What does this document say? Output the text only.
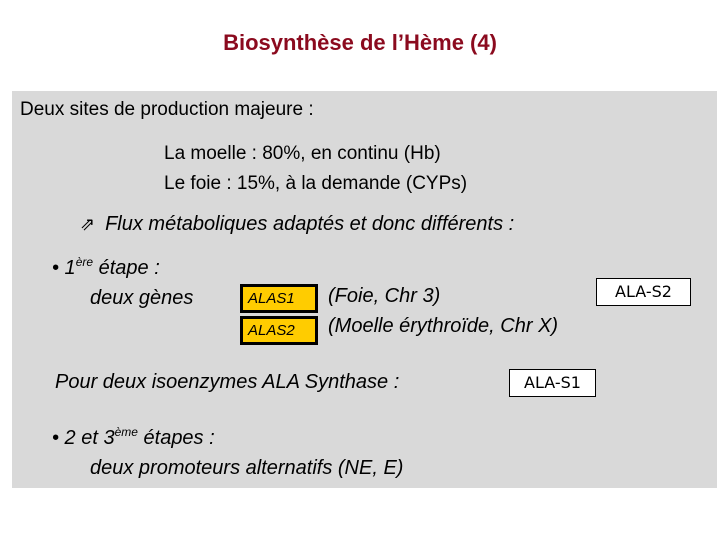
Biosynthèse de l’Hème (4)
Deux sites de production majeure :
La moelle : 80%, en continu (Hb)
Le foie : 15%, à la demande (CYPs)
⇗ Flux métaboliques adaptés et donc différents :
• 1ère étape :
deux gènes	ALAS1
ALAS2
(Foie, Chr 3)
(Moelle érythroïde, Chr X)
Pour deux isoenzymes ALA Synthase :	ALA-S1
• 2 et 3ème étapes :
deux promoteurs alternatifs (NE, E)
ALA-S2
